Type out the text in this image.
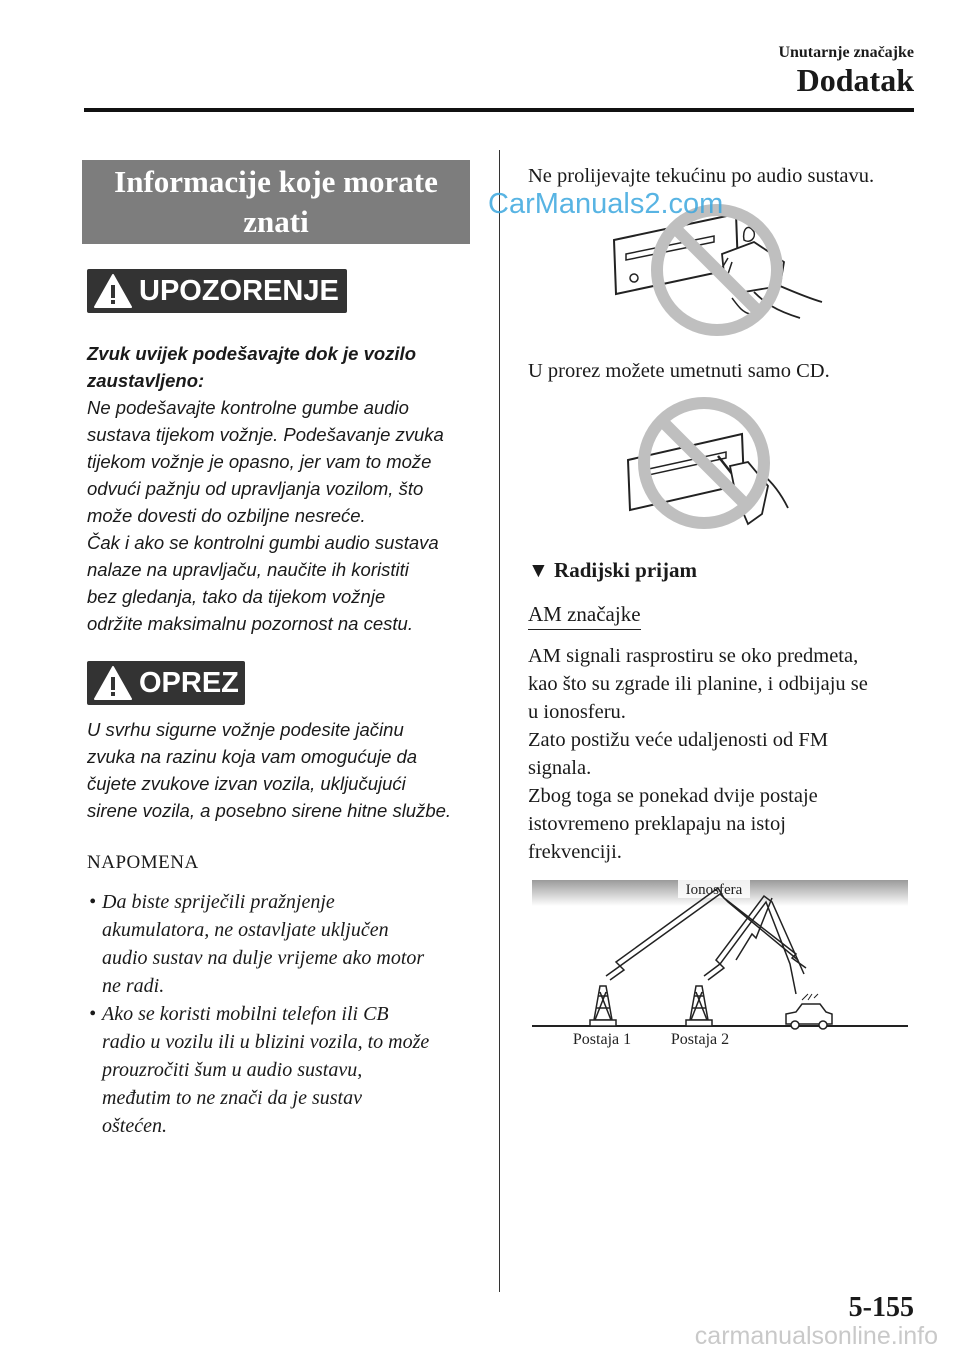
Unutarnje značajke
Dodatak
Informacije koje morate
znati
UPOZORENJE
Zvuk uvijek podešavajte dok je vozilo
zaustavljeno:
Ne podešavajte kontrolne gumbe audio
sustava tijekom vožnje. Podešavanje zvuka
tijekom vožnje je opasno, jer vam to može
odvući pažnju od upravljanja vozilom, što
može dovesti do ozbiljne nesreće.
Čak i ako se kontrolni gumbi audio sustava
nalaze na upravljaču, naučite ih koristiti
bez gledanja, tako da tijekom vožnje
održite maksimalnu pozornost na cestu.
OPREZ
U svrhu sigurne vožnje podesite jačinu
zvuka na razinu koja vam omogućuje da
čujete zvukove izvan vozila, uključujući
sirene vozila, a posebno sirene hitne službe.
NAPOMENA
• Da biste spriječili pražnjenje
akumulatora, ne ostavljate uključen
audio sustav na dulje vrijeme ako motor
ne radi.
• Ako se koristi mobilni telefon ili CB
radio u vozilu ili u blizini vozila, to može
prouzročiti šum u audio sustavu,
međutim to ne znači da je sustav
oštećen.
Ne prolijevajte tekućinu po audio sustavu.
U prorez možete umetnuti samo CD.
▼ Radijski prijam
AM značajke
AM signali rasprostiru se oko predmeta,
kao što su zgrade ili planine, i odbijaju se
u ionosferu.
Zato postižu veće udaljenosti od FM
signala.
Zbog toga se ponekad dvije postaje
istovremeno preklapaju na istoj
frekvenciji.
Ionosfera
Postaja 1 Postaja 2
5-155
CarManuals2.com
carmanualsonline.info
